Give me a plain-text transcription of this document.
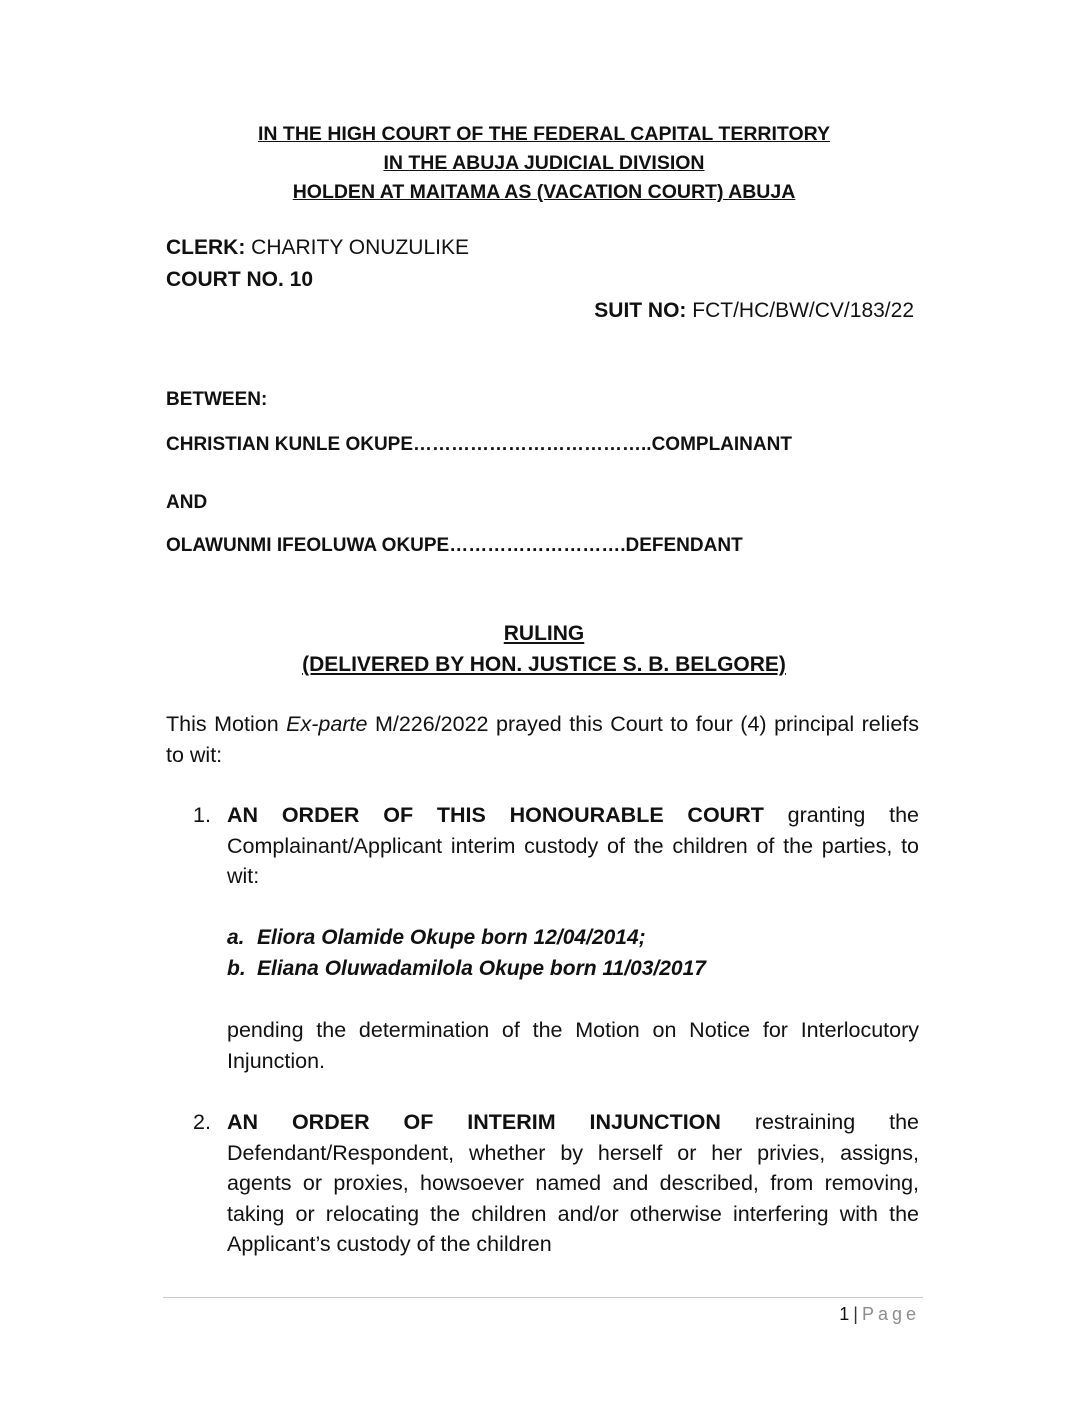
IN THE HIGH COURT OF THE FEDERAL CAPITAL TERRITORY
IN THE ABUJA JUDICIAL DIVISION
HOLDEN AT MAITAMA AS (VACATION COURT) ABUJA
CLERK: CHARITY ONUZULIKE
COURT NO. 10
SUIT NO: FCT/HC/BW/CV/183/22
BETWEEN:
CHRISTIAN KUNLE OKUPE………………………………..COMPLAINANT
AND
OLAWUNMI IFEOLUWA OKUPE……………………….DEFENDANT
RULING
(DELIVERED BY HON. JUSTICE S. B. BELGORE)
This Motion Ex-parte M/226/2022 prayed this Court to four (4) principal reliefs to wit:
1. AN ORDER OF THIS HONOURABLE COURT granting the Complainant/Applicant interim custody of the children of the parties, to wit:
a. Eliora Olamide Okupe born 12/04/2014;
b. Eliana Oluwadamilola Okupe born 11/03/2017
pending the determination of the Motion on Notice for Interlocutory Injunction.
2. AN ORDER OF INTERIM INJUNCTION restraining the Defendant/Respondent, whether by herself or her privies, assigns, agents or proxies, howsoever named and described, from removing, taking or relocating the children and/or otherwise interfering with the Applicant’s custody of the children
1 | Page
